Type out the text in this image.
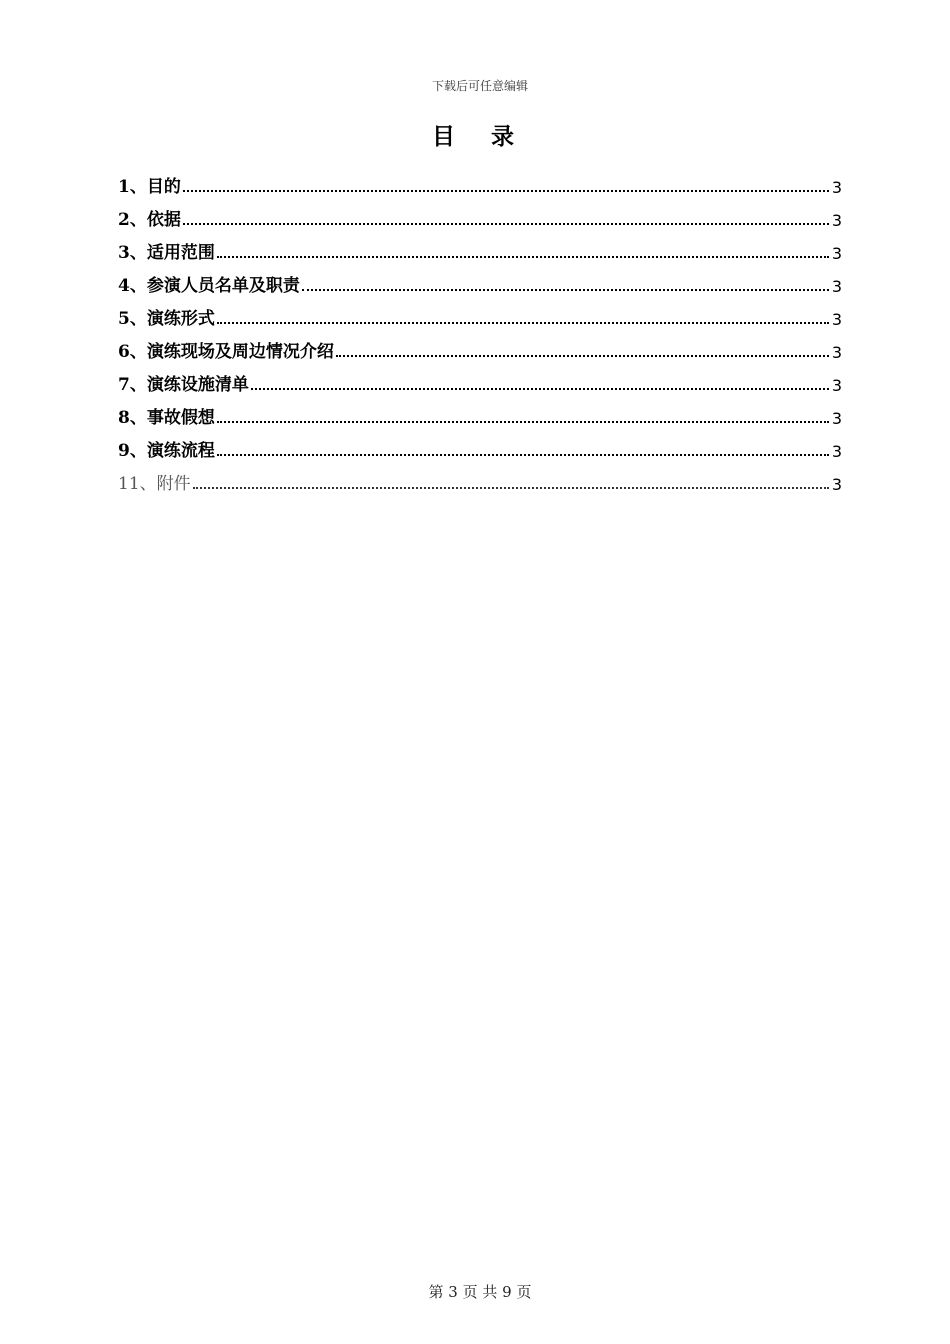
下载后可任意编辑
目 录
1、目的	3
2、依据	3
3、适用范围	3
4、参演人员名单及职责	3
5、演练形式	3
6、演练现场及周边情况介绍	3
7、演练设施清单	3
8、事故假想	3
9、演练流程	3
11、附件	3
第 3 页 共 9 页
